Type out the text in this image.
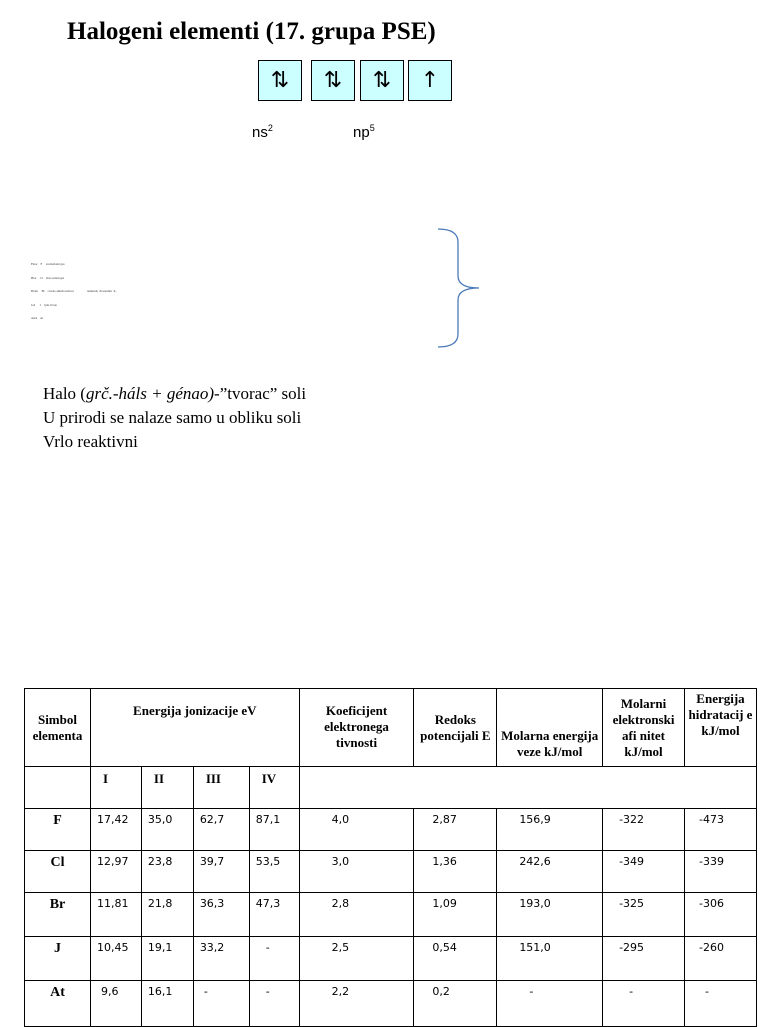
Halogeni elementi (17. grupa PSE)
⇅	⇅	⇅	↑
$ns^2$	$np^5$

Fluor    F     svetlozlatni gas

Hlor     Cl    žuto-zeleni gas

Brom     Br    crveno-smeđa tečnost                  nemetali, dvoatomni  X₂

Jod      I     ljub.čvrsto

Astat    At

Halo (grč.-háls + génao)-”tvorac” soli
U prirodi se nalaze samo u obliku soli
Vrlo reaktivni
Simbol elementa	Energija jonizacije eV				Koeficijent elektronega tivnosti	Redoks potencijali E	Molarna energija veze kJ/mol	Molarni elektronski afi nitet kJ/mol	Energija hidratacij e kJ/mol
	I	II	III	IV					
F	17,42	35,0	62,7	87,1	4,0	2,87	156,9	-322	-473
Cl	12,97	23,8	39,7	53,5	3,0	1,36	242,6	-349	-339
Br	11,81	21,8	36,3	47,3	2,8	1,09	193,0	-325	-306
J	10,45	19,1	33,2	-	2,5	0,54	151,0	-295	-260
At	9,6	16,1	-	-	2,2	0,2	-	-	-
